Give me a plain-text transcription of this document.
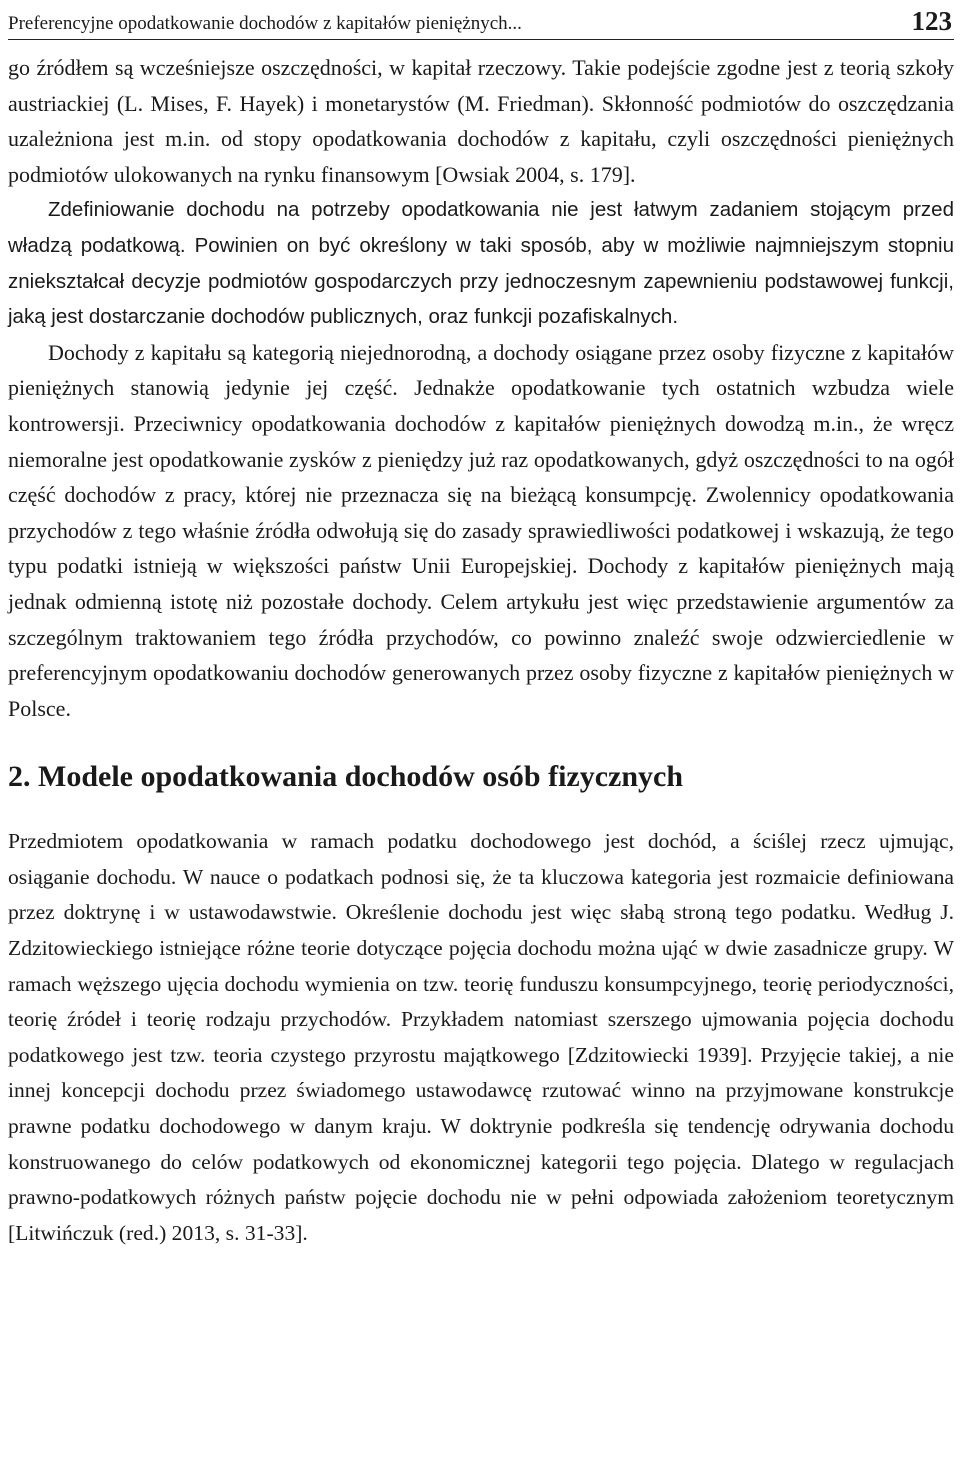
Preferencyjne opodatkowanie dochodów z kapitałów pieniężnych...	123

go źródłem są wcześniejsze oszczędności, w kapitał rzeczowy. Takie podejście zgodne jest z teorią szkoły austriackiej (L. Mises, F. Hayek) i monetarystów (M. Friedman). Skłonność podmiotów do oszczędzania uzależniona jest m.in. od stopy opodatkowania dochodów z kapitału, czyli oszczędności pieniężnych podmiotów ulokowanych na rynku finansowym [Owsiak 2004, s. 179].

Zdefiniowanie dochodu na potrzeby opodatkowania nie jest łatwym zadaniem stojącym przed władzą podatkową. Powinien on być określony w taki sposób, aby w możliwie najmniejszym stopniu zniekształcał decyzje podmiotów gospodarczych przy jednoczesnym zapewnieniu podstawowej funkcji, jaką jest dostarczanie dochodów publicznych, oraz funkcji pozafiskalnych.

Dochody z kapitału są kategorią niejednorodną, a dochody osiągane przez osoby fizyczne z kapitałów pieniężnych stanowią jedynie jej część. Jednakże opodatkowanie tych ostatnich wzbudza wiele kontrowersji. Przeciwnicy opodatkowania dochodów z kapitałów pieniężnych dowodzą m.in., że wręcz niemoralne jest opodatkowanie zysków z pieniędzy już raz opodatkowanych, gdyż oszczędności to na ogół część dochodów z pracy, której nie przeznacza się na bieżącą konsumpcję. Zwolennicy opodatkowania przychodów z tego właśnie źródła odwołują się do zasady sprawiedliwości podatkowej i wskazują, że tego typu podatki istnieją w większości państw Unii Europejskiej. Dochody z kapitałów pieniężnych mają jednak odmienną istotę niż pozostałe dochody. Celem artykułu jest więc przedstawienie argumentów za szczególnym traktowaniem tego źródła przychodów, co powinno znaleźć swoje odzwierciedlenie w preferencyjnym opodatkowaniu dochodów generowanych przez osoby fizyczne z kapitałów pieniężnych w Polsce.

2. Modele opodatkowania dochodów osób fizycznych

Przedmiotem opodatkowania w ramach podatku dochodowego jest dochód, a ściślej rzecz ujmując, osiąganie dochodu. W nauce o podatkach podnosi się, że ta kluczowa kategoria jest rozmaicie definiowana przez doktrynę i w ustawodawstwie. Określenie dochodu jest więc słabą stroną tego podatku. Według J. Zdzitowieckiego istniejące różne teorie dotyczące pojęcia dochodu można ująć w dwie zasadnicze grupy. W ramach węższego ujęcia dochodu wymienia on tzw. teorię funduszu konsumpcyjnego, teorię periodyczności, teorię źródeł i teorię rodzaju przychodów. Przykładem natomiast szerszego ujmowania pojęcia dochodu podatkowego jest tzw. teoria czystego przyrostu majątkowego [Zdzitowiecki 1939]. Przyjęcie takiej, a nie innej koncepcji dochodu przez świadomego ustawodawcę rzutować winno na przyjmowane konstrukcje prawne podatku dochodowego w danym kraju. W doktrynie podkreśla się tendencję odrywania dochodu konstruowanego do celów podatkowych od ekonomicznej kategorii tego pojęcia. Dlatego w regulacjach prawno-podatkowych różnych państw pojęcie dochodu nie w pełni odpowiada założeniom teoretycznym [Litwińczuk (red.) 2013, s. 31-33].
